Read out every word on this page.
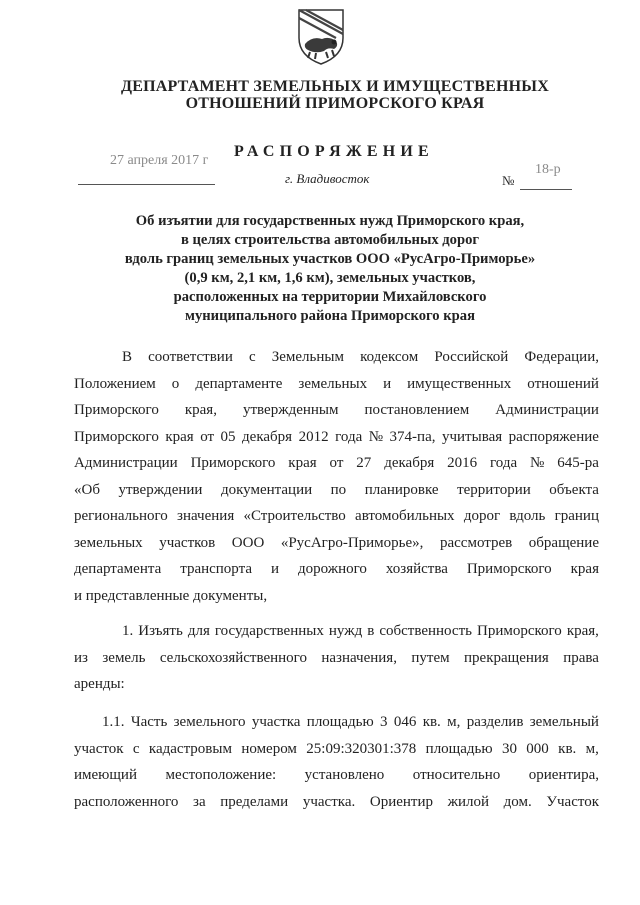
ДЕПАРТАМЕНТ ЗЕМЕЛЬНЫХ И ИМУЩЕСТВЕННЫХ
ОТНОШЕНИЙ ПРИМОРСКОГО КРАЯ
РАСПОРЯЖЕНИЕ
27 апреля 2017 г
г. Владивосток	№
18-р
Об изъятии для государственных нужд Приморского края,
в целях строительства автомобильных дорог
вдоль границ земельных участков ООО «РусАгро-Приморье»
(0,9 км, 2,1 км, 1,6 км), земельных участков,
расположенных на территории Михайловского
муниципального района Приморского края
В соответствии с Земельным кодексом Российской Федерации,
Положением о департаменте земельных и имущественных отношений
Приморского края, утвержденным постановлением Администрации
Приморского края от 05 декабря 2012 года № 374-па, учитывая распоряжение
Администрации Приморского края от 27 декабря 2016 года № 645-ра
«Об утверждении документации по планировке территории объекта
регионального значения «Строительство автомобильных дорог вдоль границ
земельных участков ООО «РусАгро-Приморье», рассмотрев обращение
департамента транспорта и дорожного хозяйства Приморского края
и представленные документы,
1. Изъять для государственных нужд в собственность Приморского края,
из земель сельскохозяйственного назначения, путем прекращения права
аренды:
1.1. Часть земельного участка площадью 3 046 кв. м, разделив земельный
участок с кадастровым номером 25:09:320301:378 площадью 30 000 кв. м,
имеющий местоположение: установлено относительно ориентира,
расположенного за пределами участка. Ориентир жилой дом. Участок
